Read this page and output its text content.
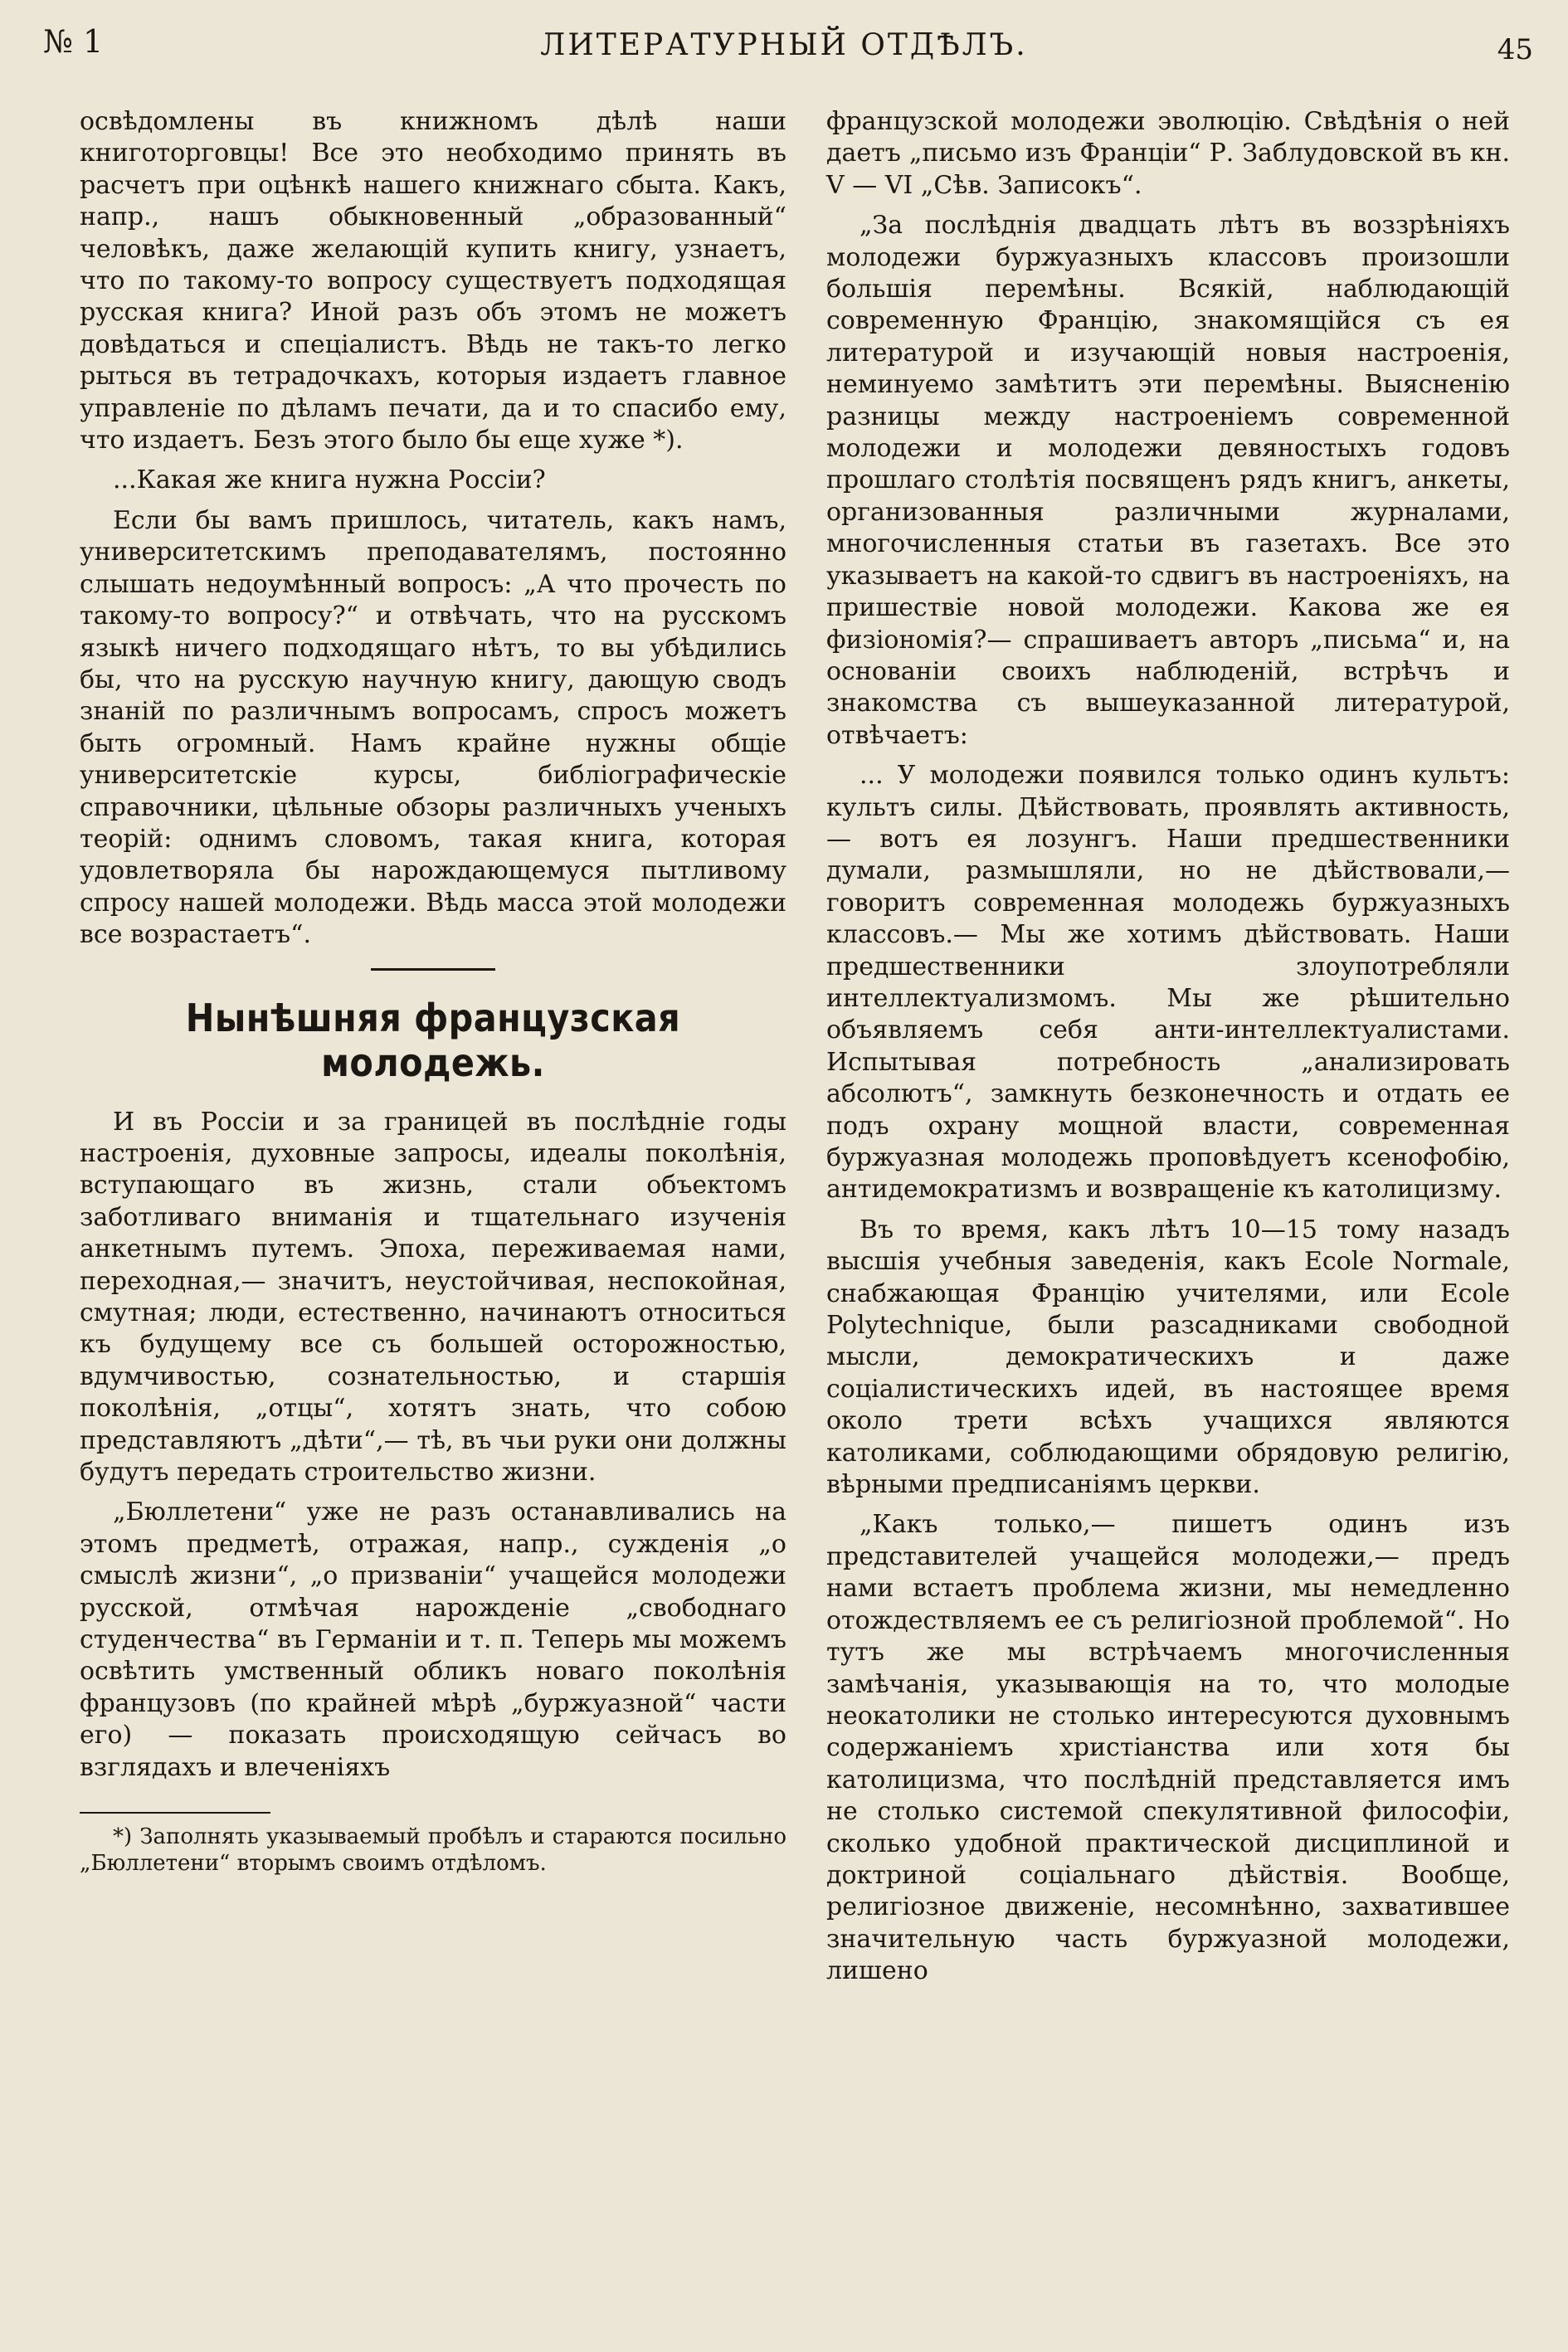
№ 1	ЛИТЕРАТУРНЫЙ ОТДѢЛЪ.	45

освѣдомлены въ книжномъ дѣлѣ наши книготорговцы! Все это необходимо принять въ расчетъ при оцѣнкѣ нашего книжнаго сбыта. Какъ, напр., нашъ обыкновенный „образованный“ человѣкъ, даже желающій купить книгу, узнаетъ, что по такому-то вопросу существуетъ подходящая русская книга? Иной разъ объ этомъ не можетъ довѣдаться и спеціалистъ. Вѣдь не такъ-то легко рыться въ тетрадочкахъ, которыя издаетъ главное управленіе по дѣламъ печати, да и то спасибо ему, что издаетъ. Безъ этого было бы еще хуже *).

...Какая же книга нужна Россіи?

Если бы вамъ пришлось, читатель, какъ намъ, университетскимъ преподавателямъ, постоянно слышать недоумѣнный вопросъ: „А что прочесть по такому-то вопросу?“ и отвѣчать, что на русскомъ языкѣ ничего подходящаго нѣтъ, то вы убѣдились бы, что на русскую научную книгу, дающую сводъ знаній по различнымъ вопросамъ, спросъ можетъ быть огромный. Намъ крайне нужны общіе университетскіе курсы, библіографическіе справочники, цѣльные обзоры различныхъ ученыхъ теорій: однимъ словомъ, такая книга, которая удовлетворяла бы нарождающемуся пытливому спросу нашей молодежи. Вѣдь масса этой молодежи все возрастаетъ“.

Нынѣшняя французская молодежь.

И въ Россіи и за границей въ послѣдніе годы настроенія, духовные запросы, идеалы поколѣнія, вступающаго въ жизнь, стали объектомъ заботливаго вниманія и тщательнаго изученія анкетнымъ путемъ. Эпоха, переживаемая нами, переходная,— значитъ, неустойчивая, неспокойная, смутная; люди, естественно, начинаютъ относиться къ будущему все съ большей осторожностью, вдумчивостью, сознательностью, и старшія поколѣнія, „отцы“, хотятъ знать, что собою представляютъ „дѣти“,— тѣ, въ чьи руки они должны будутъ передать строительство жизни.

„Бюллетени“ уже не разъ останавливались на этомъ предметѣ, отражая, напр., сужденія „о смыслѣ жизни“, „о призваніи“ учащейся молодежи русской, отмѣчая нарожденіе „свободнаго студенчества“ въ Германіи и т. п. Теперь мы можемъ освѣтить умственный обликъ новаго поколѣнія французовъ (по крайней мѣрѣ „буржуазной“ части его) — показать происходящую сейчасъ во взглядахъ и влеченіяхъ

*) Заполнять указываемый пробѣлъ и стараются посильно „Бюллетени“ вторымъ своимъ отдѣломъ.

французской молодежи эволюцію. Свѣдѣнія о ней даетъ „письмо изъ Франціи“ Р. Заблудовской въ кн. V — VI „Сѣв. Записокъ“.

„За послѣднія двадцать лѣтъ въ воззрѣніяхъ молодежи буржуазныхъ классовъ произошли большія перемѣны. Всякій, наблюдающій современную Францію, знакомящійся съ ея литературой и изучающій новыя настроенія, неминуемо замѣтитъ эти перемѣны. Выясненію разницы между настроеніемъ современной молодежи и молодежи девяностыхъ годовъ прошлаго столѣтія посвященъ рядъ книгъ, анкеты, организованныя различными журналами, многочисленныя статьи въ газетахъ. Все это указываетъ на какой-то сдвигъ въ настроеніяхъ, на пришествіе новой молодежи. Какова же ея физіономія?— спрашиваетъ авторъ „письма“ и, на основаніи своихъ наблюденій, встрѣчъ и знакомства съ вышеуказанной литературой, отвѣчаетъ:

... У молодежи появился только одинъ культъ: культъ силы. Дѣйствовать, проявлять активность,— вотъ ея лозунгъ. Наши предшественники думали, размышляли, но не дѣйствовали,— говоритъ современная молодежь буржуазныхъ классовъ.— Мы же хотимъ дѣйствовать. Наши предшественники злоупотребляли интеллектуализмомъ. Мы же рѣшительно объявляемъ себя анти-интеллектуалистами. Испытывая потребность „анализировать абсолютъ“, замкнуть безконечность и отдать ее подъ охрану мощной власти, современная буржуазная молодежь проповѣдуетъ ксенофобію, антидемократизмъ и возвращеніе къ католицизму.

Въ то время, какъ лѣтъ 10—15 тому назадъ высшія учебныя заведенія, какъ Ecole Normale, снабжающая Францію учителями, или Ecole Polytechnique, были разсадниками свободной мысли, демократическихъ и даже соціалистическихъ идей, въ настоящее время около трети всѣхъ учащихся являются католиками, соблюдающими обрядовую религію, вѣрными предписаніямъ церкви.

„Какъ только,— пишетъ одинъ изъ представителей учащейся молодежи,— предъ нами встаетъ проблема жизни, мы немедленно отождествляемъ ее съ религіозной проблемой“. Но тутъ же мы встрѣчаемъ многочисленныя замѣчанія, указывающія на то, что молодые неокатолики не столько интересуются духовнымъ содержаніемъ христіанства или хотя бы католицизма, что послѣдній представляется имъ не столько системой спекулятивной философіи, сколько удобной практической дисциплиной и доктриной соціальнаго дѣйствія. Вообще, религіозное движеніе, несомнѣнно, захватившее значительную часть буржуазной молодежи, лишено
